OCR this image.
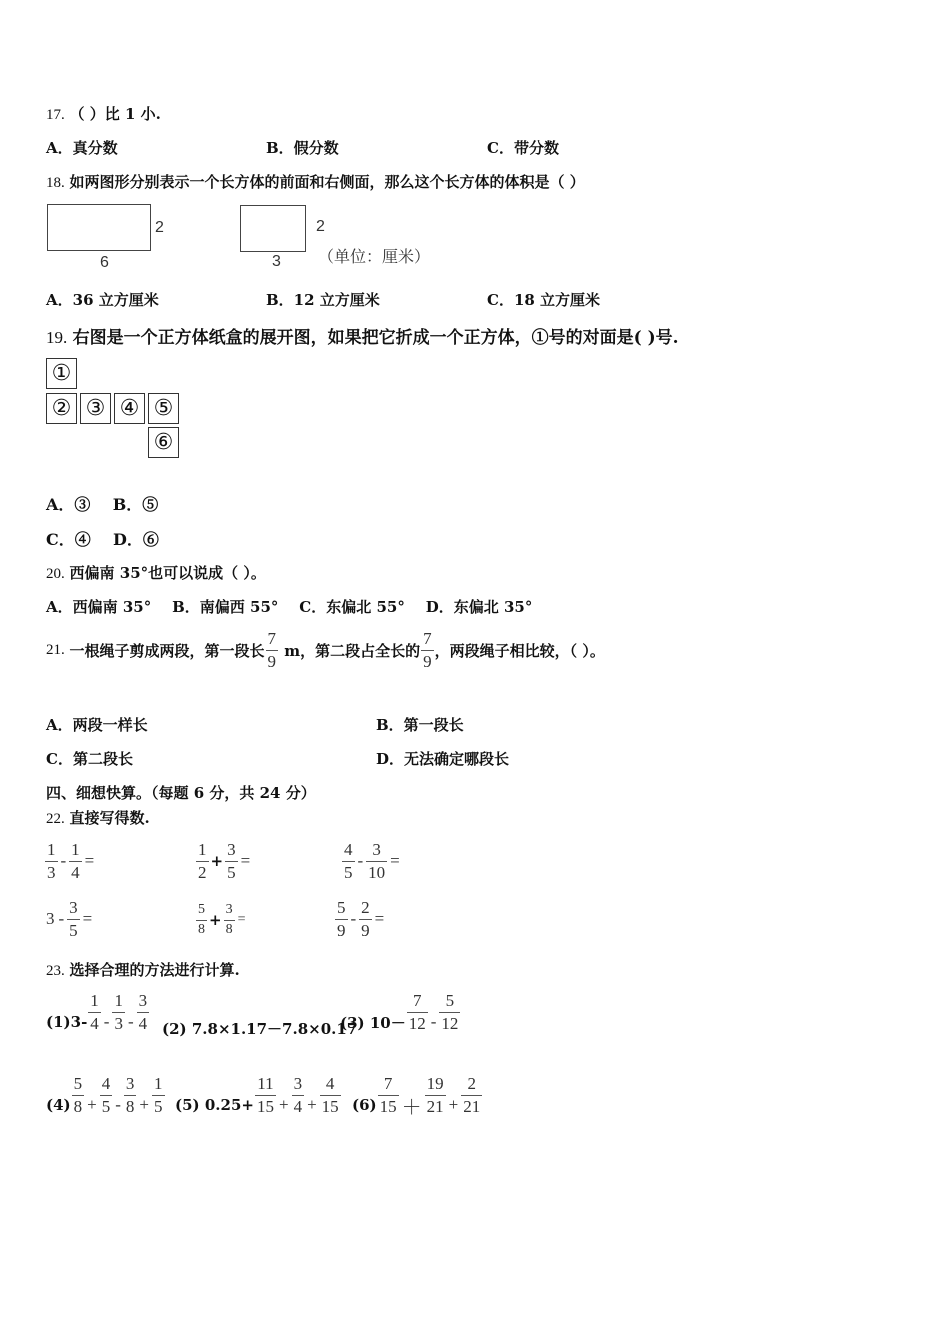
17. （ ）比 1 小.
A．真分数	B．假分数	C．带分数
18. 如两图形分别表示一个长方体的前面和右侧面，那么这个长方体的体积是（ ）
2
6
2
3 （单位：厘米）
A．36 立方厘米	B．12 立方厘米	C．18 立方厘米
19. 右图是一个正方体纸盒的展开图，如果把它折成一个正方体，①号的对面是( )号.
①
② ③ ④ ⑤
⑥
A．③    B．⑤
C．④    D．⑥
20. 西偏南 35°也可以说成（ ）。
A．西偏南 35°    B．南偏西 55°    C．东偏北 55°    D．东偏北 35°
21. 一根绳子剪成两段，第一段长 $\frac{7}{9}$ m，第二段占全长的 $\frac{7}{9}$ ，两段绳子相比较，（ ）。
A．两段一样长	B．第一段长
C．第二段长	D．无法确定哪段长
四、细想快算。（每题 6 分，共 24 分）
22. 直接写得数.
$\frac{1}{3} - \frac{1}{4}$ =	$\frac{1}{2} + \frac{3}{5}$ =	$\frac{4}{5} - \frac{3}{10}$ =
$3 - \frac{3}{5}$ =	$\frac{5}{8} + \frac{3}{8}$ =	$\frac{5}{9} - \frac{2}{9}$ =
23. 选择合理的方法进行计算.
$(1)3- \frac{1}{4} - \frac{1}{3} - \frac{3}{4} (2)$ 7.8×1.17－7.8×0.17
(3) $10- \frac{7}{12} - \frac{5}{12}$
$(4) \frac{5}{8} + \frac{4}{5} - \frac{3}{8} + \frac{1}{5} (5)$ $0.25+ \frac{11}{15} + \frac{3}{4} + \frac{4}{15} (6) \frac{7}{15} + \frac{19}{21} + \frac{2}{21}$
